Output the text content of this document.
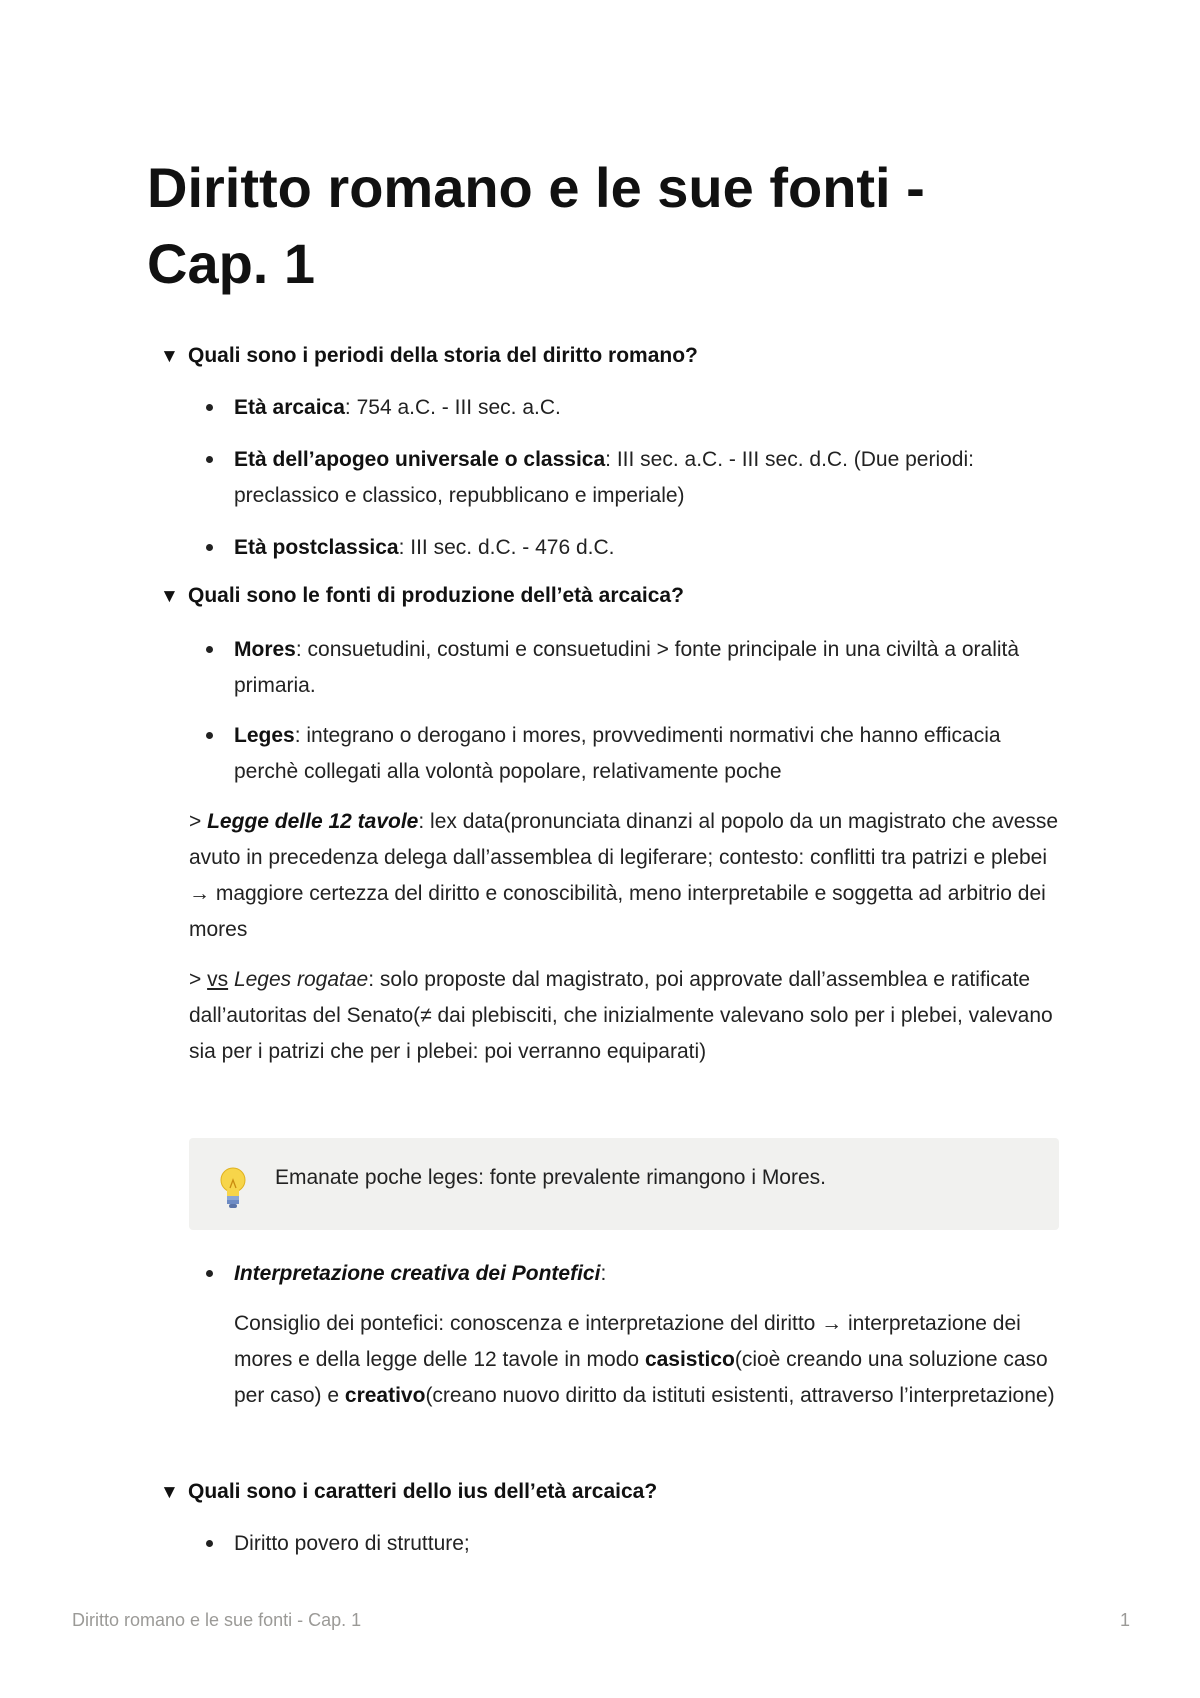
Diritto romano e le sue fonti -
Cap. 1
▼ Quali sono i periodi della storia del diritto romano?
Età arcaica: 754 a.C. - III sec. a.C.
Età dell’apogeo universale o classica: III sec. a.C. - III sec. d.C. (Due periodi: preclassico e classico, repubblicano e imperiale)
Età postclassica: III sec. d.C. - 476 d.C.
▼ Quali sono le fonti di produzione dell’età arcaica?
Mores: consuetudini, costumi e consuetudini > fonte principale in una civiltà a oralità primaria.
Leges: integrano o derogano i mores, provvedimenti normativi che hanno efficacia perchè collegati alla volontà popolare, relativamente poche
> Legge delle 12 tavole: lex data(pronunciata dinanzi al popolo da un magistrato che avesse avuto in precedenza delega dall’assemblea di legiferare; contesto: conflitti tra patrizi e plebei → maggiore certezza del diritto e conoscibilità, meno interpretabile e soggetta ad arbitrio dei mores
> vs Leges rogatae: solo proposte dal magistrato, poi approvate dall’assemblea e ratificate dall’autoritas del Senato(≠ dai plebisciti, che inizialmente valevano solo per i plebei, valevano sia per i patrizi che per i plebei: poi verranno equiparati)
Emanate poche leges: fonte prevalente rimangono i Mores.
Interpretazione creativa dei Pontefici:
Consiglio dei pontefici: conoscenza e interpretazione del diritto → interpretazione dei mores e della legge delle 12 tavole in modo casistico(cioè creando una soluzione caso per caso) e creativo(creano nuovo diritto da istituti esistenti, attraverso l’interpretazione)
▼ Quali sono i caratteri dello ius dell’età arcaica?
Diritto povero di strutture;
Diritto romano e le sue fonti - Cap. 1	1
